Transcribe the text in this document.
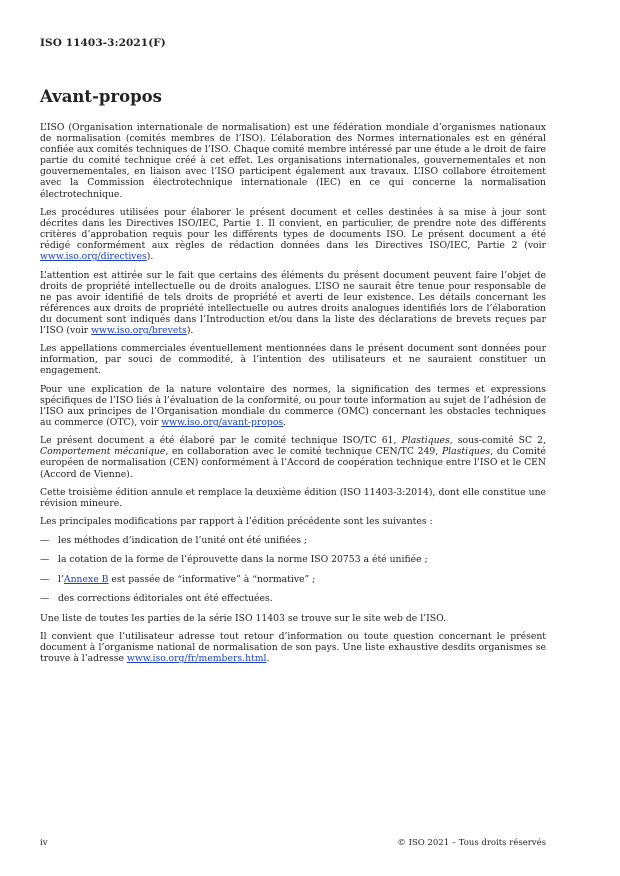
ISO 11403-3:2021(F)
Avant-propos

L’ISO (Organisation internationale de normalisation) est une fédération mondiale d’organismes nationaux de normalisation (comités membres de l’ISO). L’élaboration des Normes internationales est en général confiée aux comités techniques de l’ISO. Chaque comité membre intéressé par une étude a le droit de faire partie du comité technique créé à cet effet. Les organisations internationales, gouvernementales et non gouvernementales, en liaison avec l’ISO participent également aux travaux. L’ISO collabore étroitement avec la Commission électrotechnique internationale (IEC) en ce qui concerne la normalisation électrotechnique.

Les procédures utilisées pour élaborer le présent document et celles destinées à sa mise à jour sont décrites dans les Directives ISO/IEC, Partie 1. Il convient, en particulier, de prendre note des différents critères d’approbation requis pour les différents types de documents ISO. Le présent document a été rédigé conformément aux règles de rédaction données dans les Directives ISO/IEC, Partie 2 (voir www.iso.org/directives).

L’attention est attirée sur le fait que certains des éléments du présent document peuvent faire l’objet de droits de propriété intellectuelle ou de droits analogues. L’ISO ne saurait être tenue pour responsable de ne pas avoir identifié de tels droits de propriété et averti de leur existence. Les détails concernant les références aux droits de propriété intellectuelle ou autres droits analogues identifiés lors de l’élaboration du document sont indiqués dans l’Introduction et/ou dans la liste des déclarations de brevets reçues par l’ISO (voir www.iso.org/brevets).

Les appellations commerciales éventuellement mentionnées dans le présent document sont données pour information, par souci de commodité, à l’intention des utilisateurs et ne sauraient constituer un engagement.

Pour une explication de la nature volontaire des normes, la signification des termes et expressions spécifiques de l’ISO liés à l’évaluation de la conformité, ou pour toute information au sujet de l’adhésion de l’ISO aux principes de l’Organisation mondiale du commerce (OMC) concernant les obstacles techniques au commerce (OTC), voir www.iso.org/avant-propos.

Le présent document a été élaboré par le comité technique ISO/TC 61, Plastiques, sous-comité SC 2, Comportement mécanique, en collaboration avec le comité technique CEN/TC 249, Plastiques, du Comité européen de normalisation (CEN) conformément à l’Accord de coopération technique entre l’ISO et le CEN (Accord de Vienne).

Cette troisième édition annule et remplace la deuxième édition (ISO 11403-3:2014), dont elle constitue une révision mineure.

Les principales modifications par rapport à l’édition précédente sont les suivantes :

— les méthodes d’indication de l’unité ont été unifiées ;
— la cotation de la forme de l’éprouvette dans la norme ISO 20753 a été unifiée ;
— l’Annexe B est passée de “informative” à “normative” ;
— des corrections éditoriales ont été effectuées.

Une liste de toutes les parties de la série ISO 11403 se trouve sur le site web de l’ISO.

Il convient que l’utilisateur adresse tout retour d’information ou toute question concernant le présent document à l’organisme national de normalisation de son pays. Une liste exhaustive desdits organismes se trouve à l’adresse www.iso.org/fr/members.html.

iv	© ISO 2021 – Tous droits réservés
